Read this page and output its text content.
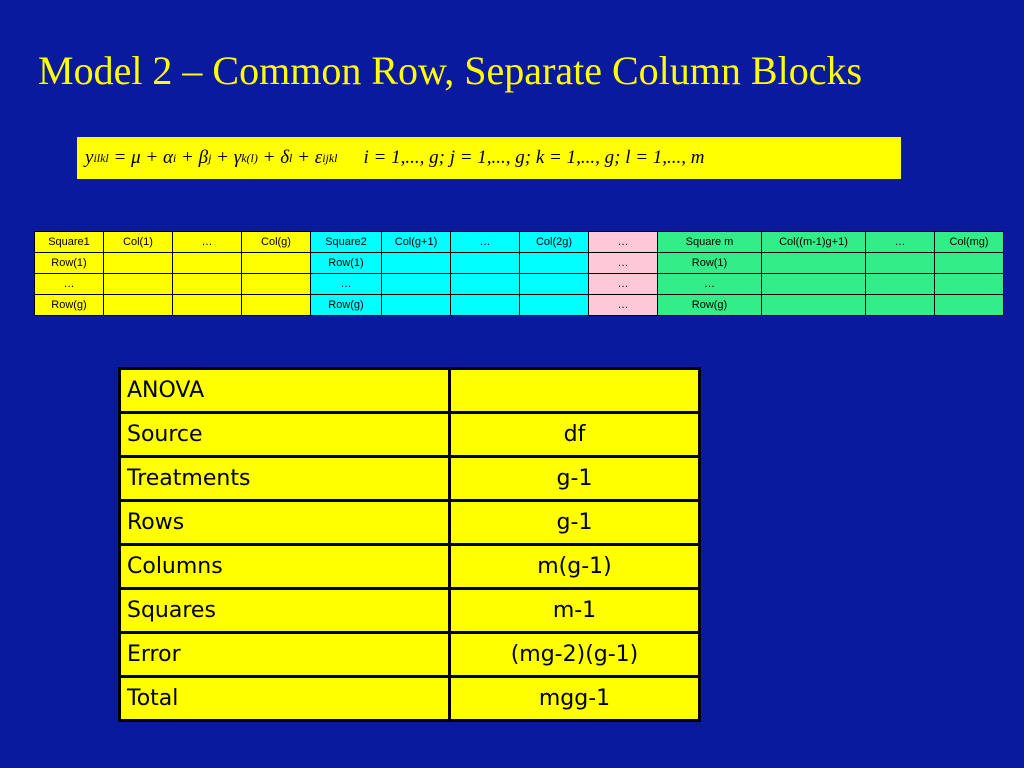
Model 2 – Common Row, Separate Column Blocks
y ilkl = μ + α i + β j + γ k(l) + δ l + ε ijkl i = 1,..., g; j = 1,..., g; k = 1,..., g; l = 1,..., m
Square1	Col(1)	…	Col(g)	Square2	Col(g+1)	…	Col(2g)	…	Square m	Col((m-1)g+1)	…	Col(mg)
Row(1)				Row(1)				…	Row(1)			
…				…				…	…			
Row(g)				Row(g)				…	Row(g)			
ANOVA	
Source	df
Treatments	g-1
Rows	g-1
Columns	m(g-1)
Squares	m-1
Error	(mg-2)(g-1)
Total	mgg-1
